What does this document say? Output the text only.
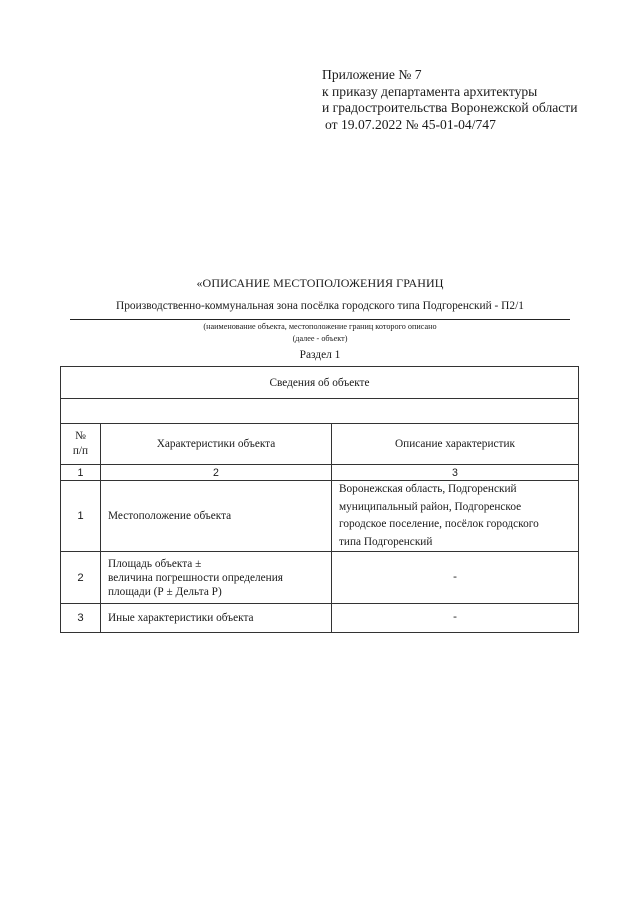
Приложение № 7
к приказу департамента архитектуры
и градостроительства Воронежской области
от 19.07.2022 № 45-01-04/747
«ОПИСАНИЕ МЕСТОПОЛОЖЕНИЯ ГРАНИЦ
Производственно-коммунальная зона посёлка городского типа Подгоренский - П2/1
(наименование объекта, местоположение границ которого описано
(далее - объект)
Раздел 1
Сведения об объекте		

№
п/п	Характеристики объекта	Описание характеристик
1	2	3
1	Местоположение объекта	Воронежская область, Подгоренский
муниципальный район, Подгоренское
городское поселение, посёлок городского
типа Подгоренский

2	Площадь объекта ±
величина погрешности определения
площади (Р ± Дельта Р)	-
3	Иные характеристики объекта	-
